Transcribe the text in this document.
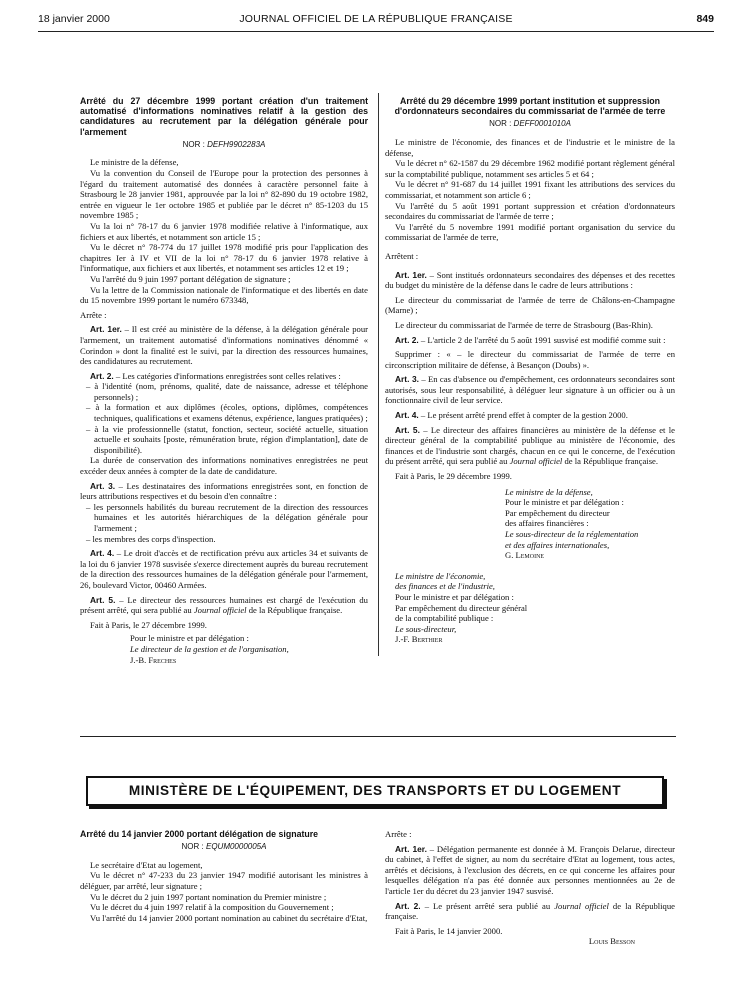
18 janvier 2000	JOURNAL OFFICIEL DE LA RÉPUBLIQUE FRANÇAISE	849

Arrêté du 27 décembre 1999 portant création d'un traitement automatisé d'informations nominatives relatif à la gestion des candidatures au recrutement par la délégation générale pour l'armement

NOR : DEFH9902283A

Le ministre de la défense,

Vu la convention du Conseil de l'Europe pour la protection des personnes à l'égard du traitement automatisé des données à caractère personnel faite à Strasbourg le 28 janvier 1981, approuvée par la loi n° 82-890 du 19 octobre 1982, entrée en vigueur le 1er octobre 1985 et publiée par le décret n° 85-1203 du 15 novembre 1985 ;

Vu la loi n° 78-17 du 6 janvier 1978 modifiée relative à l'informatique, aux fichiers et aux libertés, et notamment son article 15 ;

Vu le décret n° 78-774 du 17 juillet 1978 modifié pris pour l'application des chapitres Ier à IV et VII de la loi n° 78-17 du 6 janvier 1978 relative à l'informatique, aux fichiers et aux libertés, et notamment ses articles 12 et 19 ;

Vu l'arrêté du 9 juin 1997 portant délégation de signature ;

Vu la lettre de la Commission nationale de l'informatique et des libertés en date du 15 novembre 1999 portant le numéro 673348,

Arrête :

Art. 1er. – Il est créé au ministère de la défense, à la délégation générale pour l'armement, un traitement automatisé d'informations nominatives dénommé « Corindon » dont la finalité est le suivi, par la direction des ressources humaines, des candidatures au recrutement.

Art. 2. – Les catégories d'informations enregistrées sont celles relatives :

– à l'identité (nom, prénoms, qualité, date de naissance, adresse et téléphone personnels) ;

– à la formation et aux diplômes (écoles, options, diplômes, compétences techniques, qualifications et examens détenus, expérience, langues pratiquées) ;

– à la vie professionnelle (statut, fonction, secteur, société actuelle, situation actuelle et souhaits [poste, rémunération brute, région d'implantation], date de disponibilité).

La durée de conservation des informations nominatives enregistrées ne peut excéder deux années à compter de la date de candidature.

Art. 3. – Les destinataires des informations enregistrées sont, en fonction de leurs attributions respectives et du besoin d'en connaître :

– les personnels habilités du bureau recrutement de la direction des ressources humaines et les autorités hiérarchiques de la délégation générale pour l'armement ;

– les membres des corps d'inspection.

Art. 4. – Le droit d'accès et de rectification prévu aux articles 34 et suivants de la loi du 6 janvier 1978 susvisée s'exerce directement auprès du bureau recrutement de la direction des ressources humaines de la délégation générale pour l'armement, 26, boulevard Victor, 00460 Armées.

Art. 5. – Le directeur des ressources humaines est chargé de l'exécution du présent arrêté, qui sera publié au Journal officiel de la République française.

Fait à Paris, le 27 décembre 1999.

Pour le ministre et par délégation :

Le directeur de la gestion et de l'organisation,

J.-B. Freches

Arrêté du 29 décembre 1999 portant institution et suppression d'ordonnateurs secondaires du commissariat de l'armée de terre

NOR : DEFF0001010A

Le ministre de l'économie, des finances et de l'industrie et le ministre de la défense,

Vu le décret n° 62-1587 du 29 décembre 1962 modifié portant règlement général sur la comptabilité publique, notamment ses articles 5 et 64 ;

Vu le décret n° 91-687 du 14 juillet 1991 fixant les attributions des services du commissariat, et notamment son article 6 ;

Vu l'arrêté du 5 août 1991 portant suppression et création d'ordonnateurs secondaires du commissariat de l'armée de terre ;

Vu l'arrêté du 5 novembre 1991 modifié portant organisation du service du commissariat de l'armée de terre,

Arrêtent :

Art. 1er. – Sont institués ordonnateurs secondaires des dépenses et des recettes du budget du ministère de la défense dans le cadre de leurs attributions :

Le directeur du commissariat de l'armée de terre de Châlons-en-Champagne (Marne) ;

Le directeur du commissariat de l'armée de terre de Strasbourg (Bas-Rhin).

Art. 2. – L'article 2 de l'arrêté du 5 août 1991 susvisé est modifié comme suit :

Supprimer : « – le directeur du commissariat de l'armée de terre en circonscription militaire de défense, à Besançon (Doubs) ».

Art. 3. – En cas d'absence ou d'empêchement, ces ordonnateurs secondaires sont autorisés, sous leur responsabilité, à déléguer leur signature à un officier ou à un fonctionnaire civil de leur service.

Art. 4. – Le présent arrêté prend effet à compter de la gestion 2000.

Art. 5. – Le directeur des affaires financières au ministère de la défense et le directeur général de la comptabilité publique au ministère de l'économie, des finances et de l'industrie sont chargés, chacun en ce qui le concerne, de l'exécution du présent arrêté, qui sera publié au Journal officiel de la République française.

Fait à Paris, le 29 décembre 1999.

Le ministre de la défense,

Pour le ministre et par délégation :

Par empêchement du directeur

des affaires financières :

Le sous-directeur de la réglementation

et des affaires internationales,

G. Lemoine

Le ministre de l'économie,

des finances et de l'industrie,

Pour le ministre et par délégation :

Par empêchement du directeur général

de la comptabilité publique :

Le sous-directeur,

J.-F. Berthier

MINISTÈRE DE L'ÉQUIPEMENT, DES TRANSPORTS ET DU LOGEMENT

Arrêté du 14 janvier 2000 portant délégation de signature

NOR : EQUM0000005A

Le secrétaire d'Etat au logement,

Vu le décret n° 47-233 du 23 janvier 1947 modifié autorisant les ministres à déléguer, par arrêté, leur signature ;

Vu le décret du 2 juin 1997 portant nomination du Premier ministre ;

Vu le décret du 4 juin 1997 relatif à la composition du Gouvernement ;

Vu l'arrêté du 14 janvier 2000 portant nomination au cabinet du secrétaire d'Etat,

Arrête :

Art. 1er. – Délégation permanente est donnée à M. François Delarue, directeur du cabinet, à l'effet de signer, au nom du secrétaire d'Etat au logement, tous actes, arrêtés et décisions, à l'exclusion des décrets, en ce qui concerne les affaires pour lesquelles délégation n'a pas été donnée aux personnes mentionnées au 2e de l'article 1er du décret du 23 janvier 1947 susvisé.

Art. 2. – Le présent arrêté sera publié au Journal officiel de la République française.

Fait à Paris, le 14 janvier 2000.

Louis Besson
